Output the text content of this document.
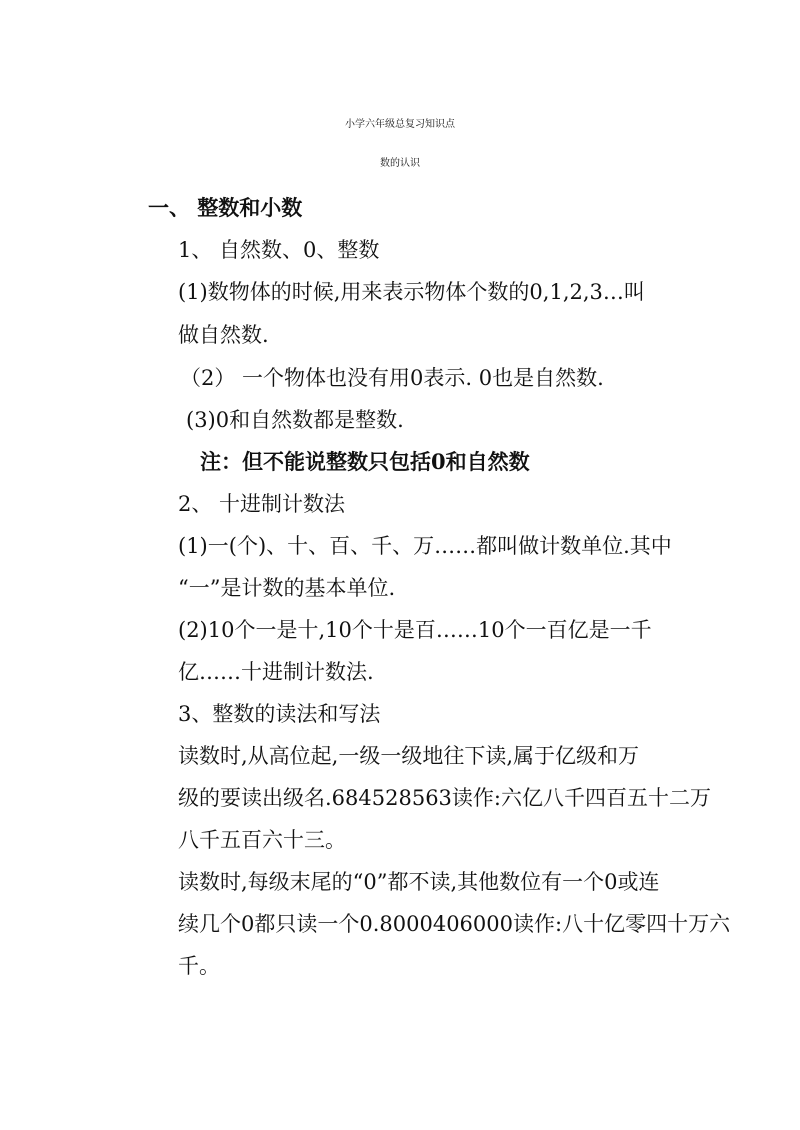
小学六年级总复习知识点
数的认识
一、 整数和小数
1、 自然数、0、整数
(1)数物体的时候,用来表示物体个数的0,1,2,3…叫
做自然数.
（2） 一个物体也没有用0表示. 0也是自然数.
(3)0和自然数都是整数.
注：但不能说整数只包括0和自然数
2、 十进制计数法
(1)一(个)、十、百、千、万……都叫做计数单位.其中
“一”是计数的基本单位.
(2)10个一是十,10个十是百……10个一百亿是一千
亿……十进制计数法.
3、整数的读法和写法
读数时,从高位起,一级一级地往下读,属于亿级和万
级的要读出级名.684528563读作:六亿八千四百五十二万
八千五百六十三。
读数时,每级末尾的“0”都不读,其他数位有一个0或连
续几个0都只读一个0.8000406000读作:八十亿零四十万六
千。
